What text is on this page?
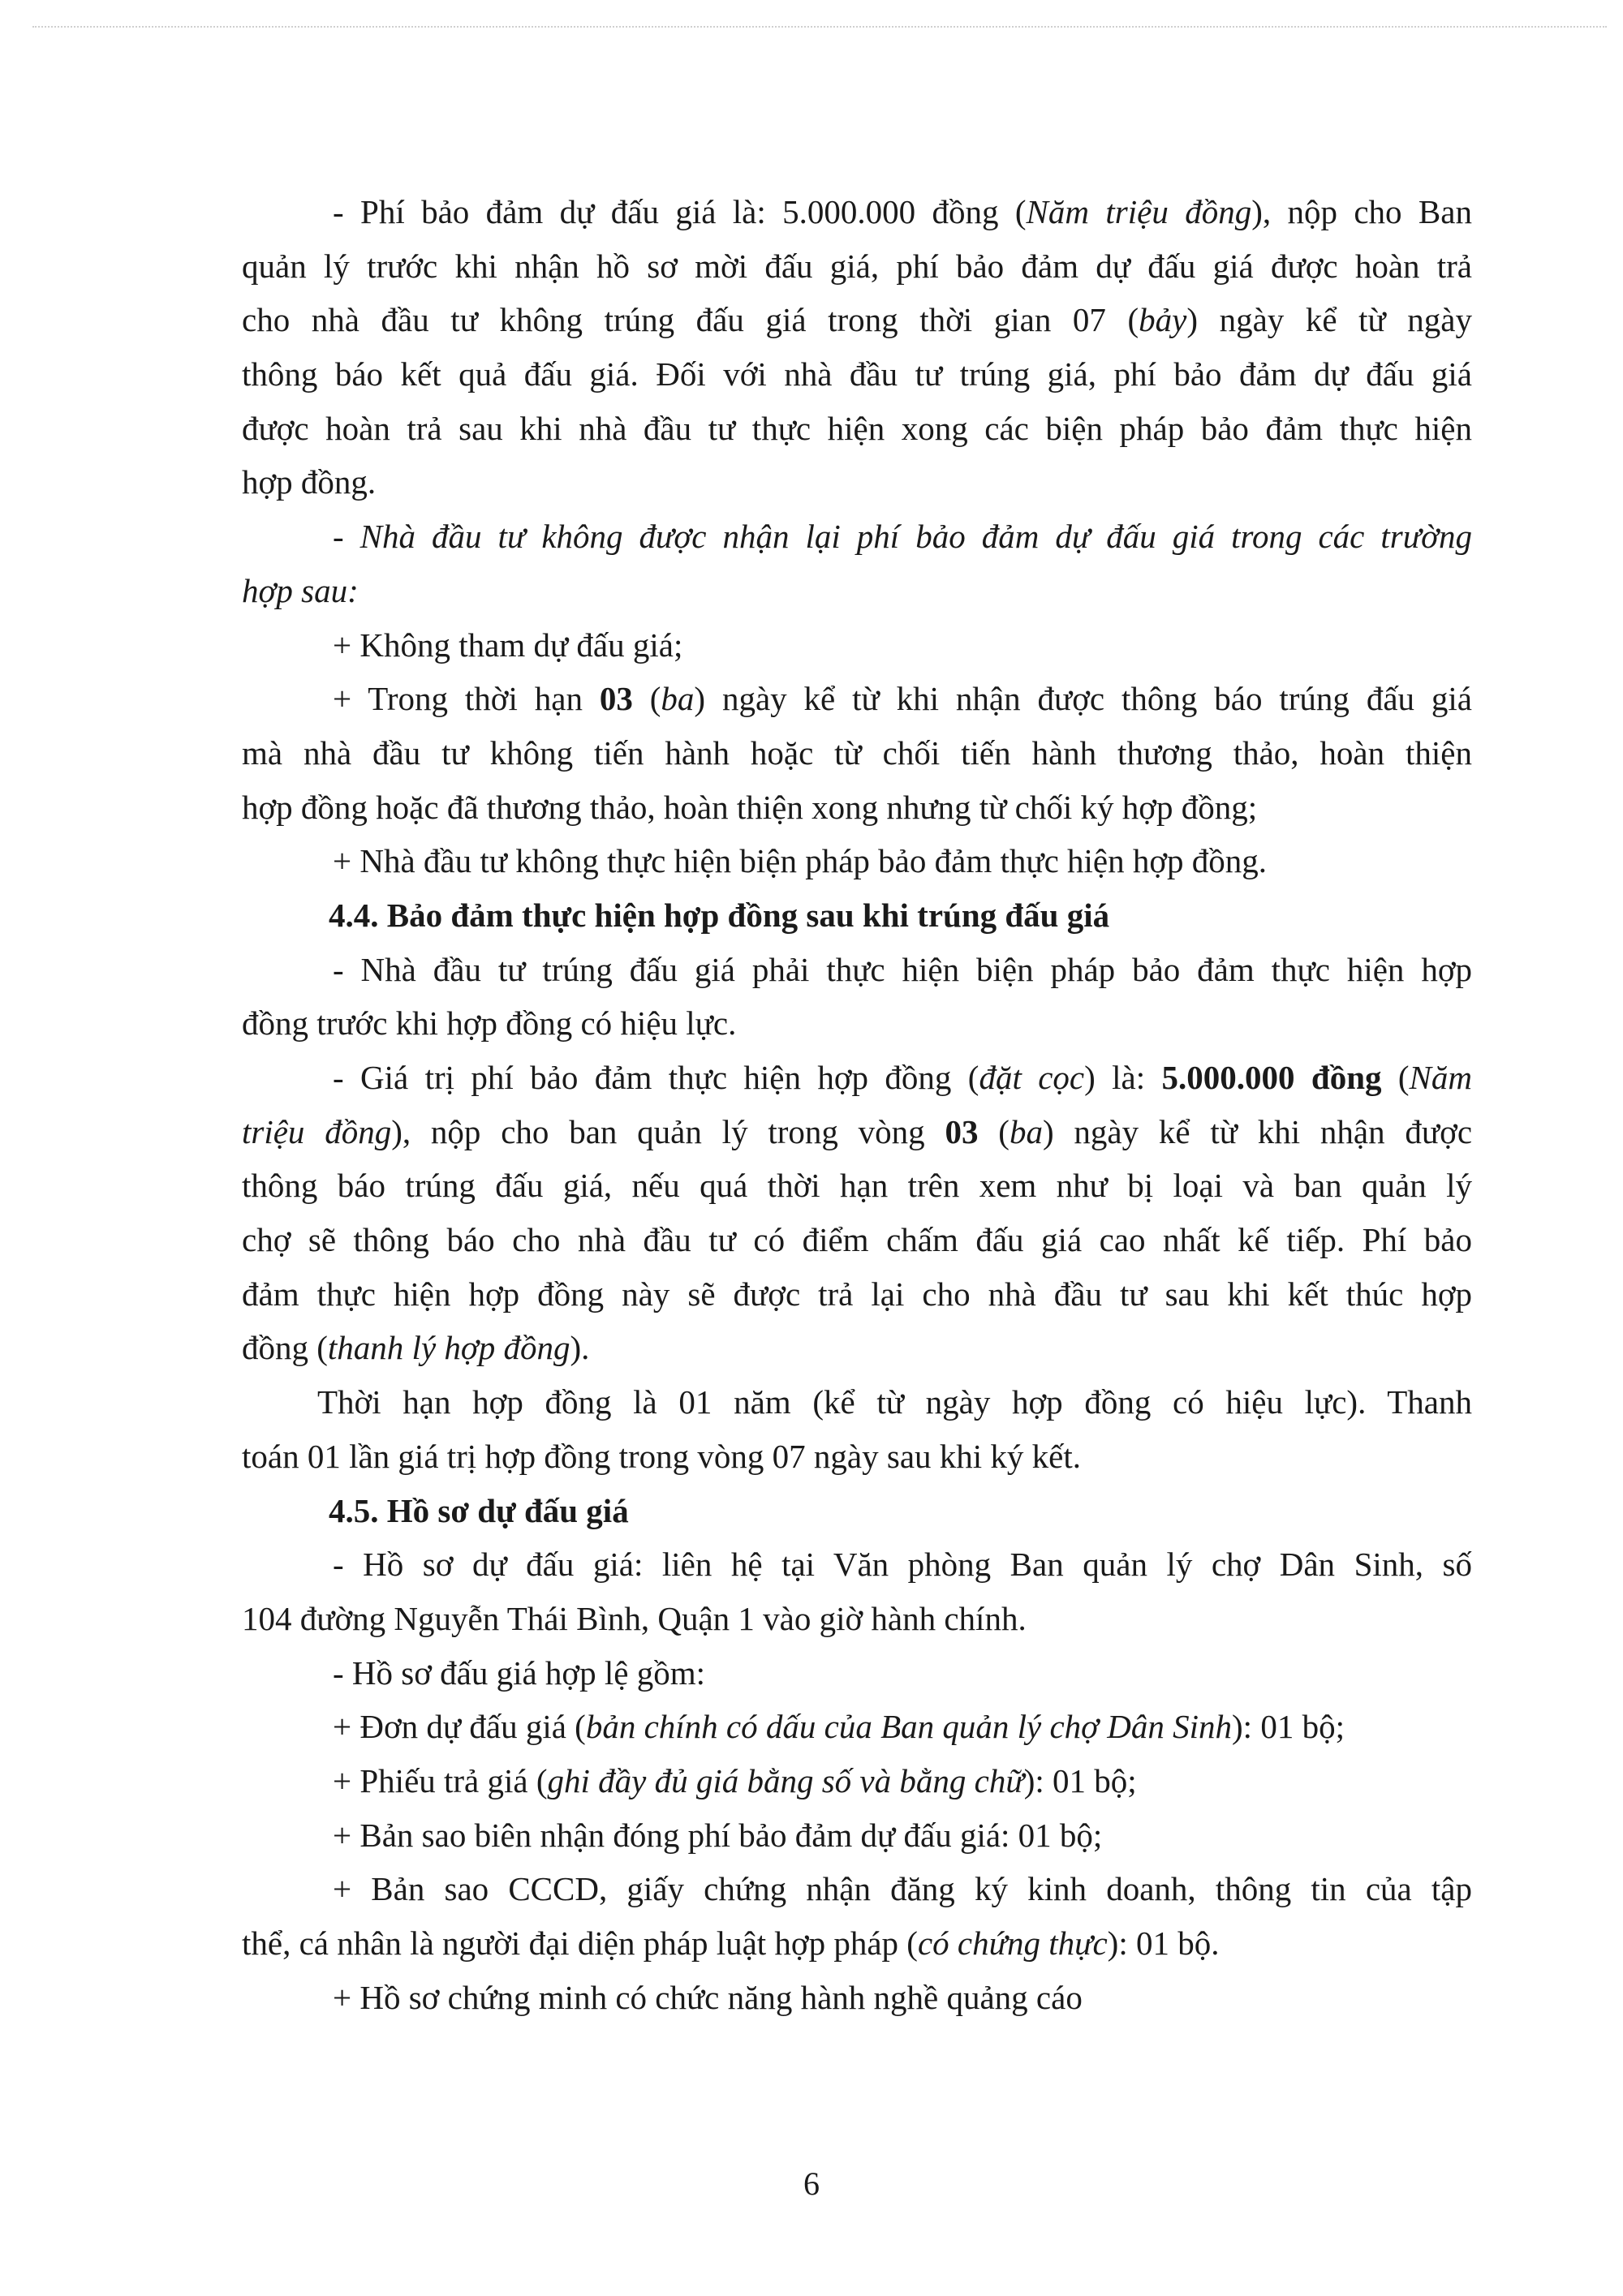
- Phí bảo đảm dự đấu giá là: 5.000.000 đồng (Năm triệu đồng), nộp cho Ban
quản lý trước khi nhận hồ sơ mời đấu giá, phí bảo đảm dự đấu giá được hoàn trả
cho nhà đầu tư không trúng đấu giá trong thời gian 07 (bảy) ngày kể từ ngày
thông báo kết quả đấu giá. Đối với nhà đầu tư trúng giá, phí bảo đảm dự đấu giá
được hoàn trả sau khi nhà đầu tư thực hiện xong các biện pháp bảo đảm thực hiện
hợp đồng.
- Nhà đầu tư không được nhận lại phí bảo đảm dự đấu giá trong các trường
hợp sau:
+ Không tham dự đấu giá;
+ Trong thời hạn 03 (ba) ngày kể từ khi nhận được thông báo trúng đấu giá
mà nhà đầu tư không tiến hành hoặc từ chối tiến hành thương thảo, hoàn thiện
hợp đồng hoặc đã thương thảo, hoàn thiện xong nhưng từ chối ký hợp đồng;
+ Nhà đầu tư không thực hiện biện pháp bảo đảm thực hiện hợp đồng.
4.4. Bảo đảm thực hiện hợp đồng sau khi trúng đấu giá
- Nhà đầu tư trúng đấu giá phải thực hiện biện pháp bảo đảm thực hiện hợp
đồng trước khi hợp đồng có hiệu lực.
- Giá trị phí bảo đảm thực hiện hợp đồng (đặt cọc) là: 5.000.000 đồng (Năm
triệu đồng), nộp cho ban quản lý trong vòng 03 (ba) ngày kể từ khi nhận được
thông báo trúng đấu giá, nếu quá thời hạn trên xem như bị loại và ban quản lý
chợ sẽ thông báo cho nhà đầu tư có điểm chấm đấu giá cao nhất kế tiếp. Phí bảo
đảm thực hiện hợp đồng này sẽ được trả lại cho nhà đầu tư sau khi kết thúc hợp
đồng (thanh lý hợp đồng).
Thời hạn hợp đồng là 01 năm (kể từ ngày hợp đồng có hiệu lực). Thanh
toán 01 lần giá trị hợp đồng trong vòng 07 ngày sau khi ký kết.
4.5. Hồ sơ dự đấu giá
- Hồ sơ dự đấu giá: liên hệ tại Văn phòng Ban quản lý chợ Dân Sinh, số
104 đường Nguyễn Thái Bình, Quận 1 vào giờ hành chính.
- Hồ sơ đấu giá hợp lệ gồm:
+ Đơn dự đấu giá (bản chính có dấu của Ban quản lý chợ Dân Sinh): 01 bộ;
+ Phiếu trả giá (ghi đầy đủ giá bằng số và bằng chữ): 01 bộ;
+ Bản sao biên nhận đóng phí bảo đảm dự đấu giá: 01 bộ;
+ Bản sao CCCD, giấy chứng nhận đăng ký kinh doanh, thông tin của tập
thể, cá nhân là người đại diện pháp luật hợp pháp (có chứng thực): 01 bộ.
+ Hồ sơ chứng minh có chức năng hành nghề quảng cáo
6
